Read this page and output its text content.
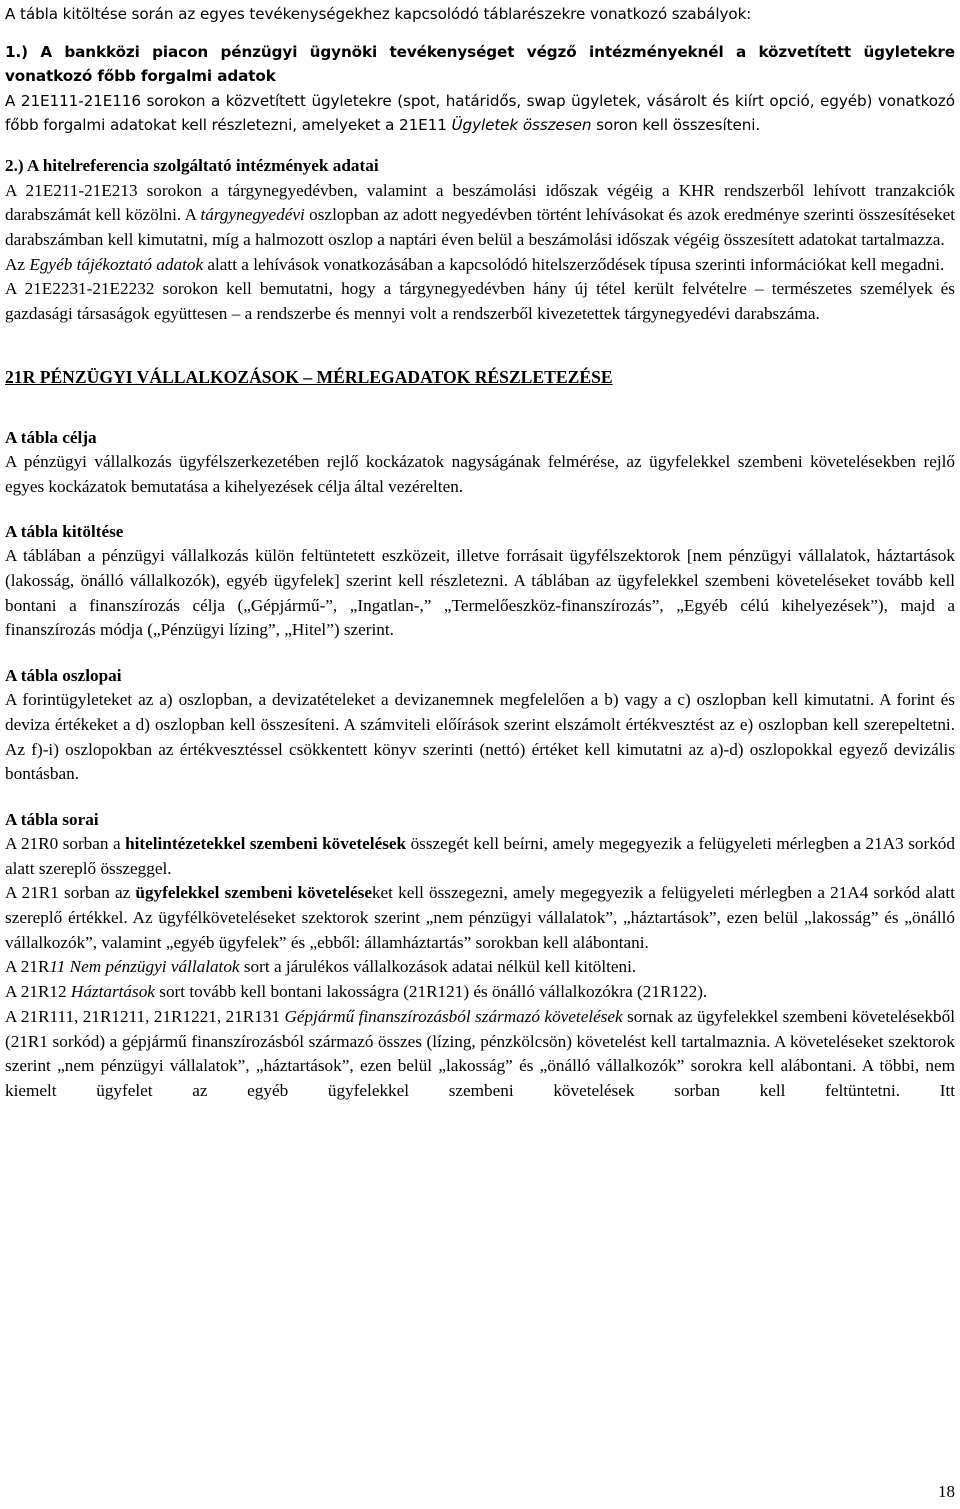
A tábla kitöltése során az egyes tevékenységekhez kapcsolódó táblarészekre vonatkozó szabályok:

1.) A bankközi piacon pénzügyi ügynöki tevékenységet végző intézményeknél a közvetített ügyletekre vonatkozó főbb forgalmi adatok

A 21E111-21E116 sorokon a közvetített ügyletekre (spot, határidős, swap ügyletek, vásárolt és kiírt opció, egyéb) vonatkozó főbb forgalmi adatokat kell részletezni, amelyeket a 21E11 Ügyletek összesen soron kell összesíteni.

2.) A hitelreferencia szolgáltató intézmények adatai

A 21E211-21E213 sorokon a tárgynegyedévben, valamint a beszámolási időszak végéig a KHR rendszerből lehívott tranzakciók darabszámát kell közölni. A tárgynegyedévi oszlopban az adott negyedévben történt lehívásokat és azok eredménye szerinti összesítéseket darabszámban kell kimutatni, míg a halmozott oszlop a naptári éven belül a beszámolási időszak végéig összesített adatokat tartalmazza.

Az Egyéb tájékoztató adatok alatt a lehívások vonatkozásában a kapcsolódó hitelszerződések típusa szerinti információkat kell megadni.

A 21E2231-21E2232 sorokon kell bemutatni, hogy a tárgynegyedévben hány új tétel került felvételre – természetes személyek és gazdasági társaságok együttesen – a rendszerbe és mennyi volt a rendszerből kivezetettek tárgynegyedévi darabszáma.

21R PÉNZÜGYI VÁLLALKOZÁSOK – MÉRLEGADATOK RÉSZLETEZÉSE

A tábla célja

A pénzügyi vállalkozás ügyfélszerkezetében rejlő kockázatok nagyságának felmérése, az ügyfelekkel szembeni követelésekben rejlő egyes kockázatok bemutatása a kihelyezések célja által vezérelten.

A tábla kitöltése

A táblában a pénzügyi vállalkozás külön feltüntetett eszközeit, illetve forrásait ügyfélszektorok [nem pénzügyi vállalatok, háztartások (lakosság, önálló vállalkozók), egyéb ügyfelek] szerint kell részletezni. A táblában az ügyfelekkel szembeni követeléseket tovább kell bontani a finanszírozás célja („Gépjármű-”, „Ingatlan-,” „Termelőeszköz-finanszírozás”, „Egyéb célú kihelyezések”), majd a finanszírozás módja („Pénzügyi lízing”, „Hitel”) szerint.

A tábla oszlopai

A forintügyleteket az a) oszlopban, a devizatételeket a devizanemnek megfelelően a b) vagy a c) oszlopban kell kimutatni. A forint és deviza értékeket a d) oszlopban kell összesíteni. A számviteli előírások szerint elszámolt értékvesztést az e) oszlopban kell szerepeltetni. Az f)-i) oszlopokban az értékvesztéssel csökkentett könyv szerinti (nettó) értéket kell kimutatni az a)-d) oszlopokkal egyező devizális bontásban.

A tábla sorai

A 21R0 sorban a hitelintézetekkel szembeni követelések összegét kell beírni, amely megegyezik a felügyeleti mérlegben a 21A3 sorkód alatt szereplő összeggel.

A 21R1 sorban az ügyfelekkel szembeni követeléseket kell összegezni, amely megegyezik a felügyeleti mérlegben a 21A4 sorkód alatt szereplő értékkel. Az ügyfélköveteléseket szektorok szerint „nem pénzügyi vállalatok”, „háztartások”, ezen belül „lakosság” és „önálló vállalkozók”, valamint „egyéb ügyfelek” és „ebből: államháztartás” sorokban kell alábontani.

A 21R11 Nem pénzügyi vállalatok sort a járulékos vállalkozások adatai nélkül kell kitölteni.

A 21R12 Háztartások sort tovább kell bontani lakosságra (21R121) és önálló vállalkozókra (21R122).

A 21R111, 21R1211, 21R1221, 21R131 Gépjármű finanszírozásból származó követelések sornak az ügyfelekkel szembeni követelésekből (21R1 sorkód) a gépjármű finanszírozásból származó összes (lízing, pénzkölcsön) követelést kell tartalmaznia. A követeléseket szektorok szerint „nem pénzügyi vállalatok”, „háztartások”, ezen belül „lakosság” és „önálló vállalkozók” sorokra kell alábontani. A többi, nem kiemelt ügyfelet az egyéb ügyfelekkel szembeni követelések sorban kell feltüntetni. Itt

18
